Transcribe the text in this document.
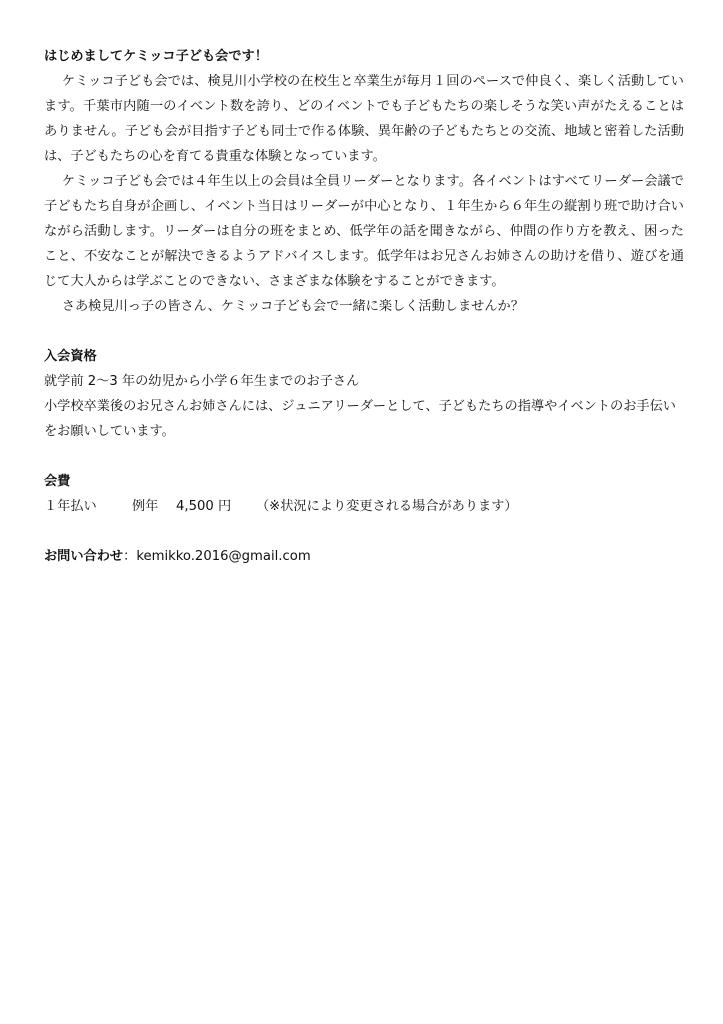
はじめましてケミッコ子ども会です！

ケミッコ子ども会では、検見川小学校の在校生と卒業生が毎月１回のペースで仲良く、楽しく活動しています。千葉市内随一のイベント数を誇り、どのイベントでも子どもたちの楽しそうな笑い声がたえることはありません。子ども会が目指す子ども同士で作る体験、異年齢の子どもたちとの交流、地域と密着した活動は、子どもたちの心を育てる貴重な体験となっています。

ケミッコ子ども会では４年生以上の会員は全員リーダーとなります。各イベントはすべてリーダー会議で子どもたち自身が企画し、イベント当日はリーダーが中心となり、１年生から６年生の縦割り班で助け合いながら活動します。リーダーは自分の班をまとめ、低学年の話を聞きながら、仲間の作り方を教え、困ったこと、不安なことが解決できるようアドバイスします。低学年はお兄さんお姉さんの助けを借り、遊びを通じて大人からは学ぶことのできない、さまざまな体験をすることができます。

さあ検見川っ子の皆さん、ケミッコ子ども会で一緒に楽しく活動しませんか？

入会資格

就学前 2～3 年の幼児から小学６年生までのお子さん

小学校卒業後のお兄さんお姉さんには、ジュニアリーダーとして、子どもたちの指導やイベントのお手伝いをお願いしています。

会費

１年払い	例年	4,500 円	（※状況により変更される場合があります）

お問い合わせ：kemikko.2016@gmail.com
